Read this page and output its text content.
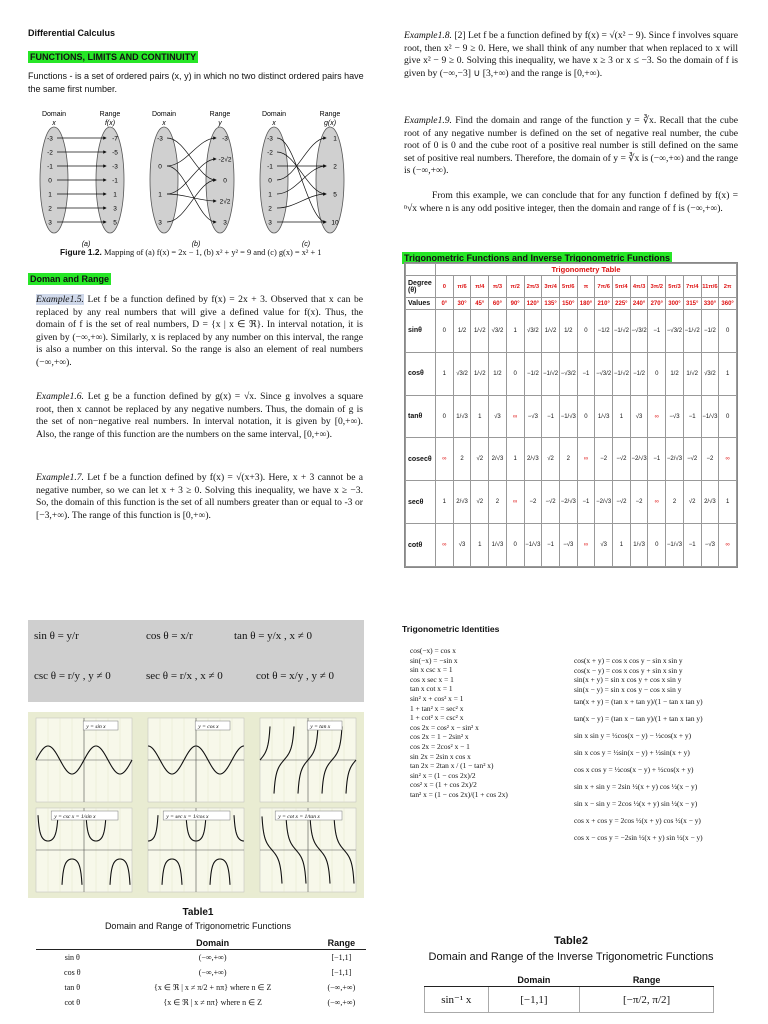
Differential Calculus
FUNCTIONS, LIMITS AND CONTINUITY
Functions - is a set of ordered pairs (x, y) in which no two distinct ordered pairs have the same first number.
Domain	Range
x	f(x)
-3
-2
-1
0
1
2
3
-7
-5
-3
-1
1
3
5
(a)
Domain	Range
x	y
-3
0
1
3
-3
-2√2
0
2√2
3
(b)
Domain	Range
x	g(x)
-3
-2
-1
0
1
2
3
1
2
5
10
(c)
Figure 1.2. Mapping of (a) f(x) = 2x − 1, (b) x² + y² = 9 and (c) g(x) = x² + 1
Doman and Range
Example1.5. Let f be a function defined by f(x) = 2x + 3. Observed that x can be replaced by any real numbers that will give a defined value for f(x). Thus, the domain of f is the set of real numbers, D = {x | x ∈ ℜ}. In interval notation, it is given by (−∞,+∞). Similarly, x is replaced by any number on this interval, the range is also a number on this interval. So the range is also an element of real numbers (−∞,+∞).
Example1.6. Let g be a function defined by g(x) = √x. Since g involves a square root, then x cannot be replaced by any negative numbers. Thus, the domain of g is the set of non−negative real numbers. In interval notation, it is given by [0,+∞). Also, the range of this function are the numbers on the same interval, [0,+∞).
Example1.7. Let f be a function defined by f(x) = √(x+3). Here, x + 3 cannot be a negative number, so we can let x + 3 ≥ 0. Solving this inequality, we have x ≥ −3. So, the domain of this function is the set of all numbers greater than or equal to -3 or [−3,+∞). The range of this function is [0,+∞).
Example1.8. [2] Let f be a function defined by f(x) = √(x² − 9). Since f involves square root, then x² − 9 ≥ 0. Here, we shall think of any number that when replaced to x will give x² − 9 ≥ 0. Solving this inequality, we have x ≥ 3 or x ≤ −3. So the domain of f is given by (−∞,−3] ∪ [3,+∞) and the range is [0,+∞).
Example1.9. Find the domain and range of the function y = ∛x. Recall that the cube root of any negative number is defined on the set of negative real number, the cube root of 0 is 0 and the cube root of a positive real number is still defined on the same set of positive real numbers. Therefore, the domain of y = ∛x is (−∞,+∞) and the range is (−∞,+∞).
From this example, we can conclude that for any function f defined by f(x) = ⁿ√x where n is any odd positive integer, then the domain and range of f is (−∞,+∞).
Trigonometric Functions and Inverse Trigonometric Functions
	Trigonometry Table																
Degree (θ)	0	π/6	π/4	π/3	π/2	2π/3	3π/4	5π/6	π	7π/6	5π/4	4π/3	3π/2	5π/3	7π/4	11π/6	2π
Values	0°	30°	45°	60°	90°	120°	135°	150°	180°	210°	225°	240°	270°	300°	315°	330°	360°
sinθ	0	1/2	1/√2	√3/2	1	√3/2	1/√2	1/2	0	−1/2	−1/√2	−√3/2	−1	−√3/2	−1/√2	−1/2	0
cosθ	1	√3/2	1/√2	1/2	0	−1/2	−1/√2	−√3/2	−1	−√3/2	−1/√2	−1/2	0	1/2	1/√2	√3/2	1
tanθ	0	1/√3	1	√3	∞	−√3	−1	−1/√3	0	1/√3	1	√3	∞	−√3	−1	−1/√3	0
cosecθ	∞	2	√2	2/√3	1	2/√3	√2	2	∞	−2	−√2	−2/√3	−1	−2/√3	−√2	−2	∞
secθ	1	2/√3	√2	2	∞	−2	−√2	−2/√3	−1	−2/√3	−√2	−2	∞	2	√2	2/√3	1
cotθ	∞	√3	1	1/√3	0	−1/√3	−1	−√3	∞	√3	1	1/√3	0	−1/√3	−1	−√3	∞
sin θ = y/r	cos θ = x/r	tan θ = y/x , x ≠ 0
csc θ = r/y , y ≠ 0	sec θ = r/x , x ≠ 0	cot θ = x/y , y ≠ 0
y = sin x	y = cos x	y = tan x
y = csc x = 1/sin x	y = sec x = 1/cos x	y = cot x = 1/tan x
Table1
Domain and Range of Trigonometric Functions
	Domain	Range
sin θ	(−∞,+∞)	[−1,1]
cos θ	(−∞,+∞)	[−1,1]
tan θ	{x ∈ ℜ | x ≠ π/2 + nπ} where n ∈ Z	(−∞,+∞)
cot θ	{x ∈ ℜ | x ≠ nπ} where n ∈ Z	(−∞,+∞)
Trigonometric Identities
cos(−x) = cos x
sin(−x) = −sin x
sin x csc x = 1
cos x sec x = 1
tan x cot x = 1
sin² x + cos² x = 1
1 + tan² x = sec² x
1 + cot² x = csc² x
cos 2x = cos² x − sin² x
cos 2x = 1 − 2sin² x
cos 2x = 2cos² x − 1
sin 2x = 2sin x cos x
tan 2x = 2tan x / (1 − tan² x)
sin² x = (1 − cos 2x)/2
cos² x = (1 + cos 2x)/2
tan² x = (1 − cos 2x)/(1 + cos 2x)
cos(x + y) = cos x cos y − sin x sin y
cos(x − y) = cos x cos y + sin x sin y
sin(x + y) = sin x cos y + cos x sin y
sin(x − y) = sin x cos y − cos x sin y
tan(x + y) = (tan x + tan y)/(1 − tan x tan y)
tan(x − y) = (tan x − tan y)/(1 + tan x tan y)
sin x sin y = ½cos(x − y) − ½cos(x + y)
sin x cos y = ½sin(x − y) + ½sin(x + y)
cos x cos y = ½cos(x − y) + ½cos(x + y)
sin x + sin y = 2sin ½(x + y) cos ½(x − y)
sin x − sin y = 2cos ½(x + y) sin ½(x − y)
cos x + cos y = 2cos ½(x + y) cos ½(x − y)
cos x − cos y = −2sin ½(x + y) sin ½(x − y)
Table2
Domain and Range of the Inverse Trigonometric Functions
	Domain	Range
sin⁻¹ x	[−1,1]	[−π/2, π/2]
